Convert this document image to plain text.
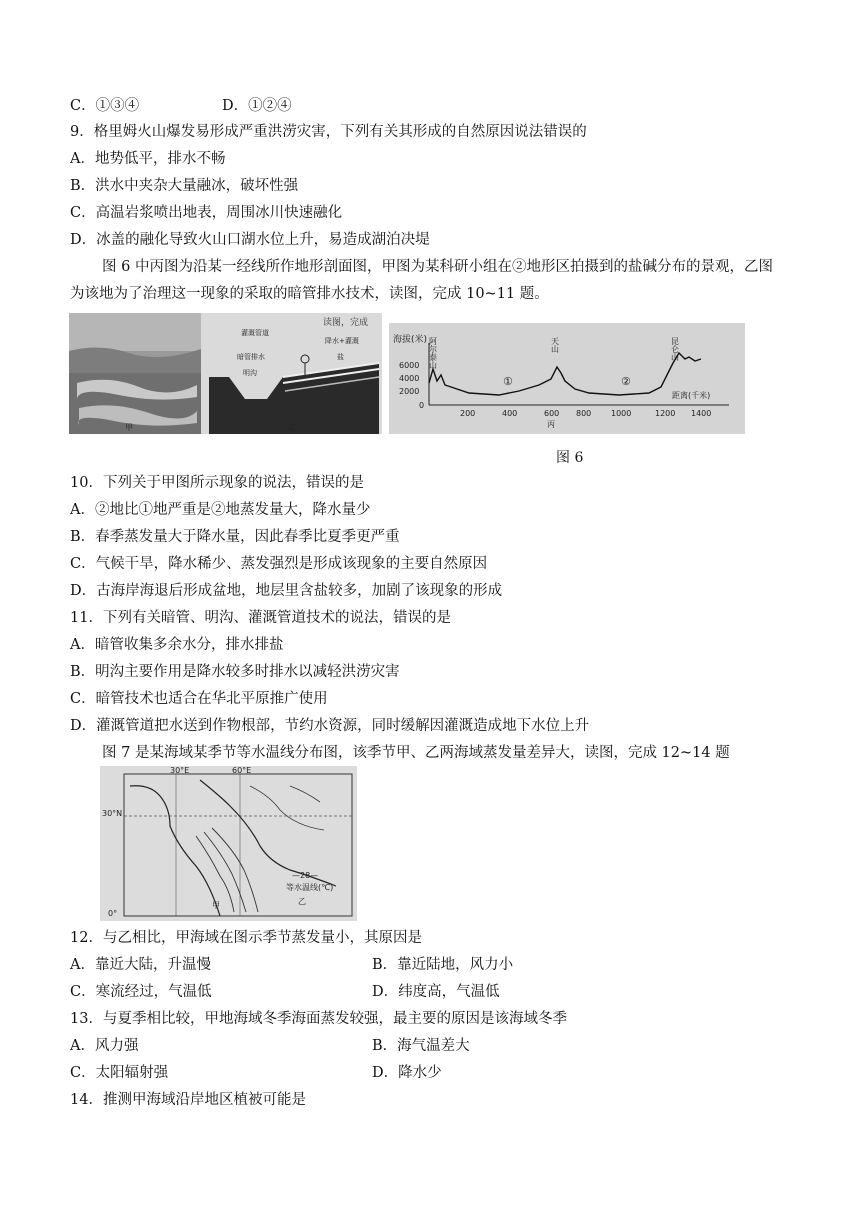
C．①③④	D．①②④
9．格里姆火山爆发易形成严重洪涝灾害，下列有关其形成的自然原因说法错误的
A．地势低平，排水不畅
B．洪水中夹杂大量融冰，破坏性强
C．高温岩浆喷出地表，周围冰川快速融化
D．冰盖的融化导致火山口湖水位上升，易造成湖泊决堤
图 6 中丙图为沿某一经线所作地形剖面图，甲图为某科研小组在②地形区拍摄到的盐碱分布的景观，乙图
为该地为了治理这一现象的采取的暗管排水技术，读图，完成 10~11 题。
甲
读图，完成
灌溉管道
暗管排水
明沟
降水+灌溉
盐
乙
海拔(米)
0
2000
4000
6000
200	400	600 800 1000	1200 1400
距离(千米)
阿尔泰山	天山	昆仑山
①	②
丙
图 6
10．下列关于甲图所示现象的说法，错误的是
A．②地比①地严重是②地蒸发量大，降水量少
B．春季蒸发量大于降水量，因此春季比夏季更严重
C．气候干旱，降水稀少、蒸发强烈是形成该现象的主要自然原因
D．古海岸海退后形成盆地，地层里含盐较多，加剧了该现象的形成
11．下列有关暗管、明沟、灌溉管道技术的说法，错误的是
A．暗管收集多余水分，排水排盐
B．明沟主要作用是降水较多时排水以减轻洪涝灾害
C．暗管技术也适合在华北平原推广使用
D．灌溉管道把水送到作物根部，节约水资源，同时缓解因灌溉造成地下水位上升
图 7 是某海域某季节等水温线分布图，该季节甲、乙两海域蒸发量差异大，读图，完成 12~14 题
30°E	60°E
30°N
0°
甲	乙
—28—
等水温线(℃)
12．与乙相比，甲海域在图示季节蒸发量小，其原因是
A．靠近大陆，升温慢	B．靠近陆地，风力小
C．寒流经过，气温低	D．纬度高，气温低
13．与夏季相比较，甲地海域冬季海面蒸发较强，最主要的原因是该海域冬季
A．风力强	B．海气温差大
C．太阳辐射强	D．降水少
14．推测甲海域沿岸地区植被可能是
